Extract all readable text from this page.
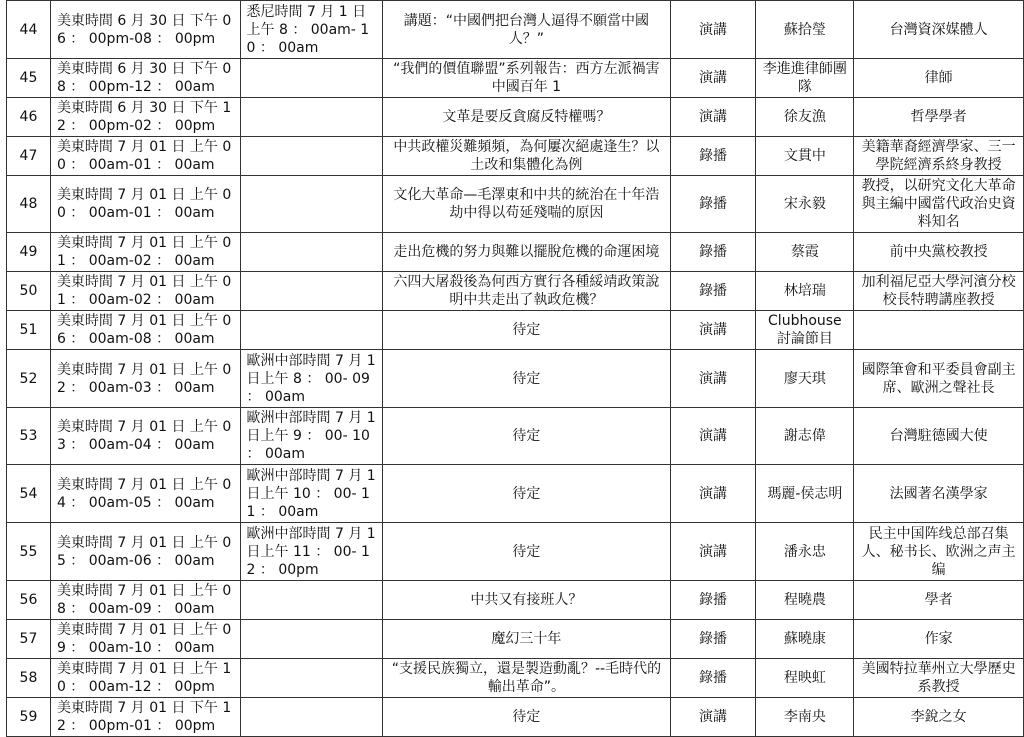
44	美東時間 6 月 30 日 下午 06 ： 00pm-08 ： 00pm	悉尼時間 7 月 1 日 上午 8 ： 00am- 10 ： 00am	講題：“中國們把台灣人逼得不願當中國人？”	演講	蘇拾瑩	台灣資深媒體人
45	美東時間 6 月 30 日 下午 08 ： 00pm-12 ： 00am		“我們的價值聯盟”系列報告：西方左派禍害中國百年 1	演講	李進進律師團隊	律師
46	美東時間 6 月 30 日 下午 12 ： 00pm-02 ： 00pm		文革是要反貪腐反特權嗎？	演講	徐友漁	哲學學者
47	美東時間 7 月 01 日 上午 00 ： 00am-01 ： 00am		中共政權災難頻頻，為何屢次絕處逢生？以土改和集體化為例	錄播	文貫中	美籍華裔經濟學家、三一學院經濟系終身教授
48	美東時間 7 月 01 日 上午 00 ： 00am-01 ： 00am		文化大革命—毛澤東和中共的統治在十年浩劫中得以苟延殘喘的原因	錄播	宋永毅	教授，以研究文化大革命與主編中國當代政治史資料知名
49	美東時間 7 月 01 日 上午 01 ： 00am-02 ： 00am		走出危機的努力與難以擺脫危機的命運困境	錄播	蔡霞	前中央黨校教授
50	美東時間 7 月 01 日 上午 01 ： 00am-02 ： 00am		六四大屠殺後為何西方實行各種綏靖政策說明中共走出了執政危機？	錄播	林培瑞	加利福尼亞大學河濱分校校長特聘講座教授
51	美東時間 7 月 01 日 上午 06 ： 00am-08 ： 00am		待定	演講	Clubhouse 討論節目	
52	美東時間 7 月 01 日 上午 02 ： 00am-03 ： 00am	歐洲中部時間 7 月 1 日上午 8 ： 00- 09 ： 00am	待定	演講	廖天琪	國際筆會和平委員會副主席、歐洲之聲社長
53	美東時間 7 月 01 日 上午 03 ： 00am-04 ： 00am	歐洲中部時間 7 月 1 日上午 9 ： 00- 10 ： 00am	待定	演講	謝志偉	台灣駐德國大使
54	美東時間 7 月 01 日 上午 04 ： 00am-05 ： 00am	歐洲中部時間 7 月 1 日上午 10 ： 00- 11 ： 00am	待定	演講	瑪麗-侯志明	法國著名漢學家
55	美東時間 7 月 01 日 上午 05 ： 00am-06 ： 00am	歐洲中部時間 7 月 1 日上午 11 ： 00- 12 ： 00pm	待定	演講	潘永忠	民主中国阵线总部召集人、秘书长、欧洲之声主编
56	美東時間 7 月 01 日 上午 08 ： 00am-09 ： 00am		中共又有接班人？	錄播	程曉農	學者
57	美東時間 7 月 01 日 上午 09 ： 00am-10 ： 00am		魔幻三十年	錄播	蘇曉康	作家
58	美東時間 7 月 01 日 上午 10 ： 00am-12 ： 00pm		“支援民族獨立，還是製造動亂？--毛時代的輸出革命”。	錄播	程映虹	美國特拉華州立大學歷史系教授
59	美東時間 7 月 01 日 下午 12 ： 00pm-01 ： 00pm		待定	演講	李南央	李銳之女
